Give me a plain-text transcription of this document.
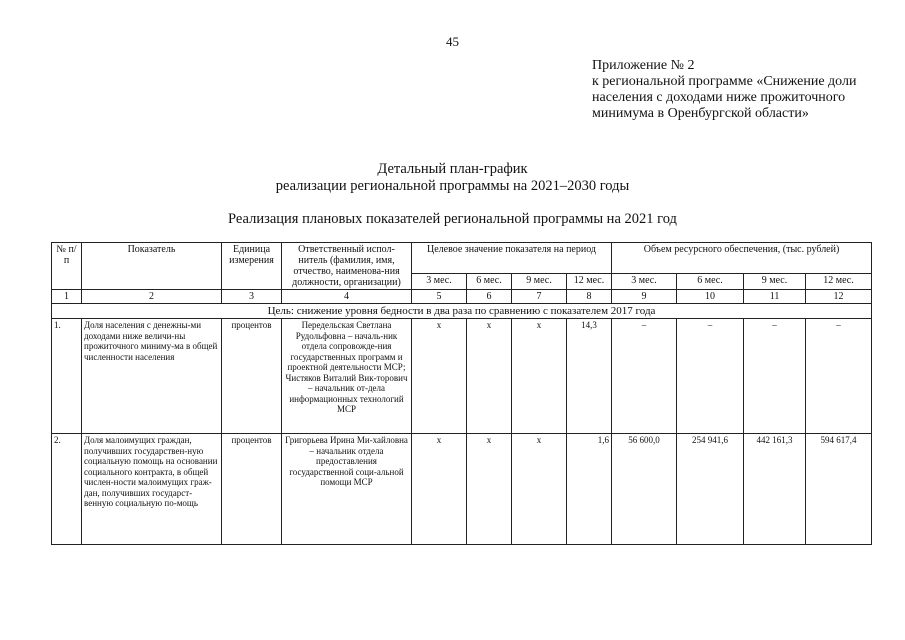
45
Приложение № 2
к региональной программе «Снижение доли
населения с доходами ниже прожиточного
минимума в Оренбургской области»
Детальный план-график
реализации региональной программы на 2021–2030 годы
Реализация плановых показателей региональной программы на 2021 год
№ п/п	Показатель	Единица измерения	Ответственный испол-нитель (фамилия, имя, отчество, наименова-ния должности, организации)	Целевое значение показателя на период				Объем ресурсного обеспечения, (тыс. рублей)			
				3 мес.	6 мес.	9 мес.	12 мес.	3 мес.	6 мес.	9 мес.	12 мес.
1	2	3	4	5	6	7	8	9	10	11	12
Цель: снижение уровня бедности в два раза по сравнению с показателем 2017 года											
1.	Доля населения с денежны-ми доходами ниже величи-ны прожиточного миниму-ма в общей численности населения	процентов	Передельская Светлана Рудольфовна – началь-ник отдела сопровожде-ния государственных программ и проектной деятельности МСР; Чистяков Виталий Вик-торович – начальник от-дела информационных технологий МСР	x	x	x	14,3	–	–	–	–
2.	Доля малоимущих граждан, получивших государствен-ную социальную помощь на основании социального контракта, в общей числен-ности малоимущих граж-дан, получивших государст-венную социальную по-мощь	процентов	Григорьева Ирина Ми-хайловна – начальник отдела предоставления государственной соци-альной помощи МСР	x	x	x	1,6	56 600,0	254 941,6	442 161,3	594 617,4
